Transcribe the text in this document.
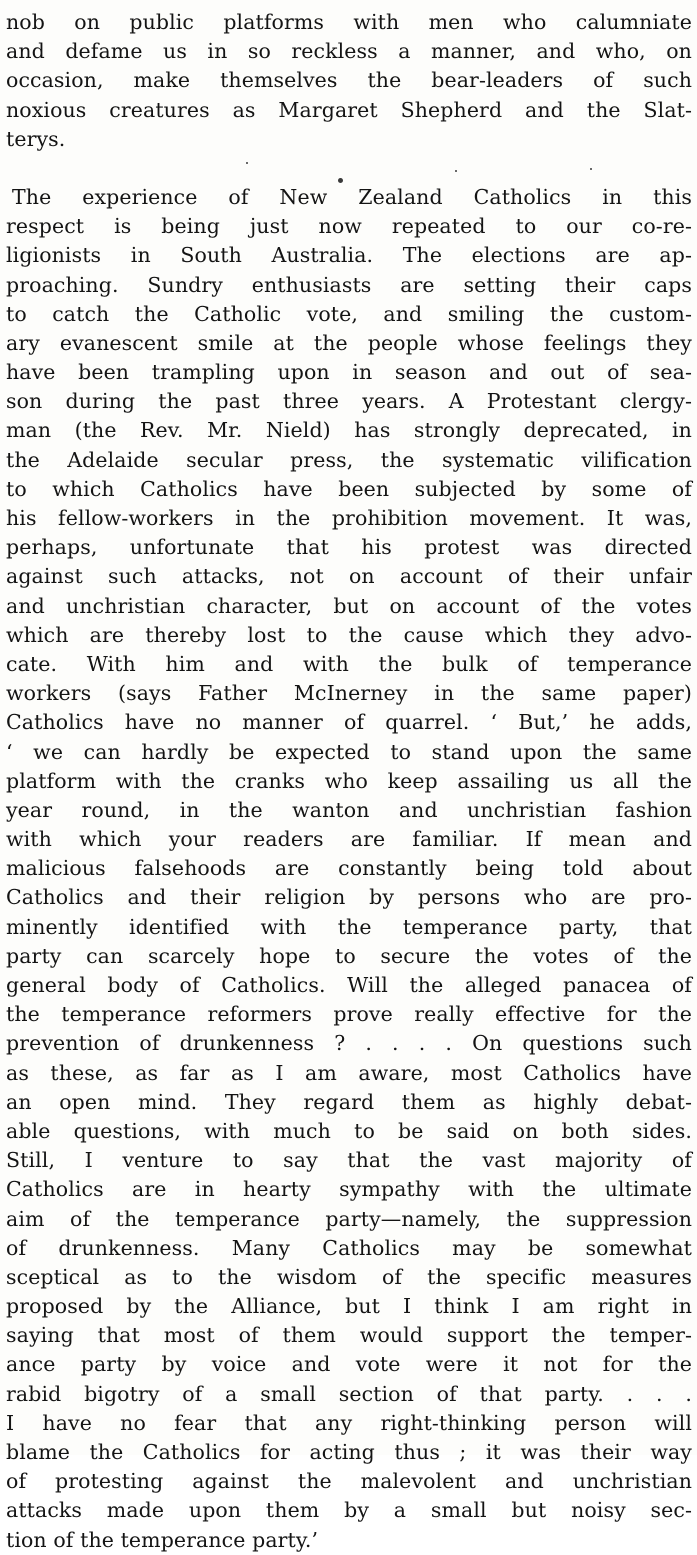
nob on public platforms with men who calumniate
and defame us in so reckless a manner, and who, on
occasion, make themselves the bear-leaders of such
noxious creatures as Margaret Shepherd and the Slat-
terys.
The experience of New Zealand Catholics in this
respect is being just now repeated to our co-re-
ligionists in South Australia. The elections are ap-
proaching. Sundry enthusiasts are setting their caps
to catch the Catholic vote, and smiling the custom-
ary evanescent smile at the people whose feelings they
have been trampling upon in season and out of sea-
son during the past three years. A Protestant clergy-
man (the Rev. Mr. Nield) has strongly deprecated, in
the Adelaide secular press, the systematic vilification
to which Catholics have been subjected by some of
his fellow-workers in the prohibition movement. It was,
perhaps, unfortunate that his protest was directed
against such attacks, not on account of their unfair
and unchristian character, but on account of the votes
which are thereby lost to the cause which they advo-
cate. With him and with the bulk of temperance
workers (says Father McInerney in the same paper)
Catholics have no manner of quarrel. ‘ But,’ he adds,
‘ we can hardly be expected to stand upon the same
platform with the cranks who keep assailing us all the
year round, in the wanton and unchristian fashion
with which your readers are familiar. If mean and
malicious falsehoods are constantly being told about
Catholics and their religion by persons who are pro-
minently identified with the temperance party, that
party can scarcely hope to secure the votes of the
general body of Catholics. Will the alleged panacea of
the temperance reformers prove really effective for the
prevention of drunkenness ? . . . . On questions such
as these, as far as I am aware, most Catholics have
an open mind. They regard them as highly debat-
able questions, with much to be said on both sides.
Still, I venture to say that the vast majority of
Catholics are in hearty sympathy with the ultimate
aim of the temperance party—namely, the suppression
of drunkenness. Many Catholics may be somewhat
sceptical as to the wisdom of the specific measures
proposed by the Alliance, but I think I am right in
saying that most of them would support the temper-
ance party by voice and vote were it not for the
rabid bigotry of a small section of that party. . . .
I have no fear that any right-thinking person will
blame the Catholics for acting thus ; it was their way
of protesting against the malevolent and unchristian
attacks made upon them by a small but noisy sec-
tion of the temperance party.’
